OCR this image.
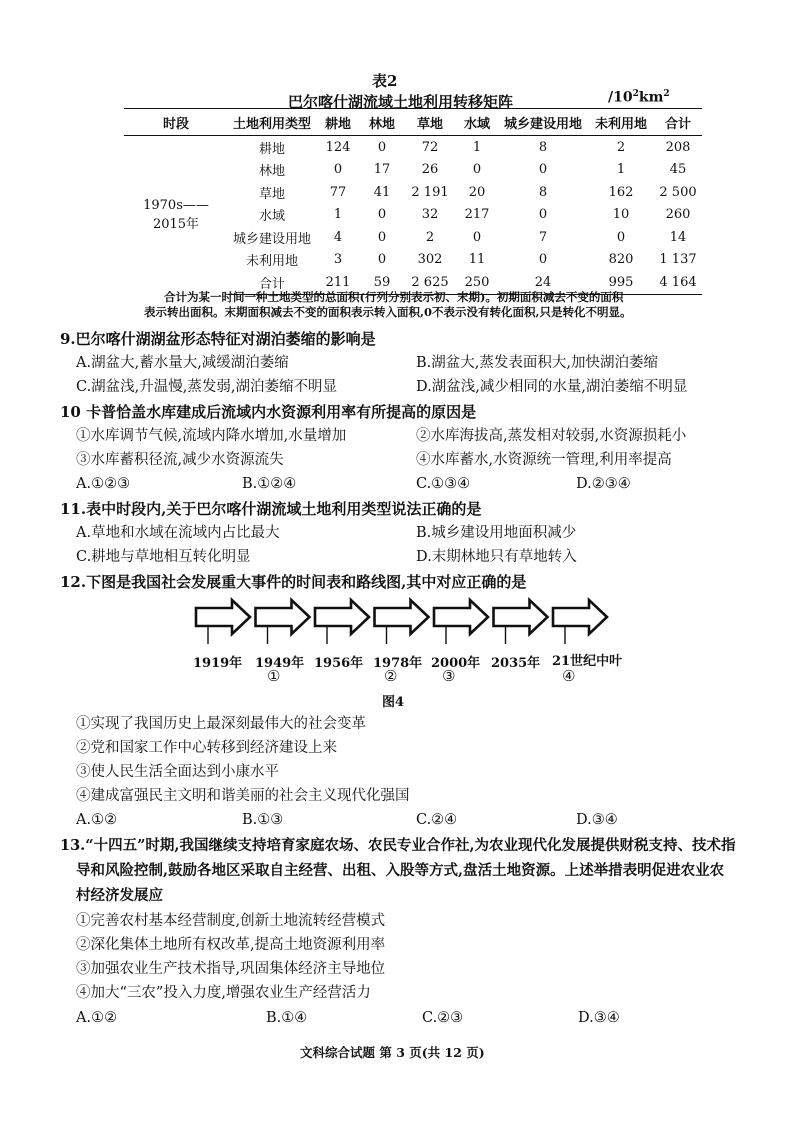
表2
巴尔喀什湖流域土地利用转移矩阵	$/10^2km^2$
时段	土地利用类型	耕地	林地	草地	水域	城乡建设用地	未利用地	合计
1970s——2015年	耕地	124	0	72	1	8	2	208
	林地	0	17	26	0	0	1	45
	草地	77	41	2 191	20	8	162	2 500
	水域	1	0	32	217	0	10	260
	城乡建设用地	4	0	2	0	7	0	14
	未利用地	3	0	302	11	0	820	1 137
	合计	211	59	2 625	250	24	995	4 164
合计为某一时间一种土地类型的总面积(行列分别表示初、末期)。初期面积减去不变的面积
表示转出面积。末期面积减去不变的面积表示转入面积,0不表示没有转化面积,只是转化不明显。
9.巴尔喀什湖湖盆形态特征对湖泊萎缩的影响是
A.湖盆大,蓄水量大,减缓湖泊萎缩	B.湖盆大,蒸发表面积大,加快湖泊萎缩
C.湖盆浅,升温慢,蒸发弱,湖泊萎缩不明显	D.湖盆浅,减少相同的水量,湖泊萎缩不明显
10 卡普恰盖水库建成后流域内水资源利用率有所提高的原因是
①水库调节气候,流域内降水增加,水量增加	②水库海拔高,蒸发相对较弱,水资源损耗小
③水库蓄积径流,减少水资源流失	④水库蓄水,水资源统一管理,利用率提高
A.①②③	B.①②④	C.①③④	D.②③④
11.表中时段内,关于巴尔喀什湖流域土地利用类型说法正确的是
A.草地和水域在流域内占比最大	B.城乡建设用地面积减少
C.耕地与草地相互转化明显	D.末期林地只有草地转入
12.下图是我国社会发展重大事件的时间表和路线图,其中对应正确的是
1919年 1949年
①
1956年 1978年
②
2000年
③
2035年 21世纪中叶
④
图4
①实现了我国历史上最深刻最伟大的社会变革
②党和国家工作中心转移到经济建设上来
③使人民生活全面达到小康水平
④建成富强民主文明和谐美丽的社会主义现代化强国
A.①②	B.①③	C.②④	D.③④
13.“十四五”时期,我国继续支持培育家庭农场、农民专业合作社,为农业现代化发展提供财税支持、技术指
导和风险控制,鼓励各地区采取自主经营、出租、入股等方式,盘活土地资源。上述举措表明促进农业农
村经济发展应
①完善农村基本经营制度,创新土地流转经营模式
②深化集体土地所有权改革,提高土地资源利用率
③加强农业生产技术指导,巩固集体经济主导地位
④加大“三农”投入力度,增强农业生产经营活力
A.①②	B.①④	C.②③	D.③④
文科综合试题 第 3 页(共 12 页)
